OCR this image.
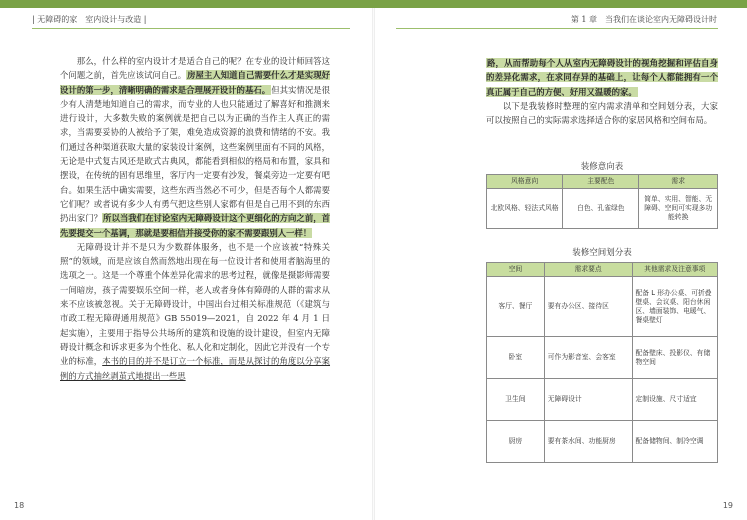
| 无障碍的家　室内设计与改造 |	第 1 章　当我们在谈论室内无障碍设计时

那么，什么样的室内设计才是适合自己的呢？在专业的设计师回答这个问题之前，首先应该试问自己。房屋主人知道自己需要什么才是实现好设计的第一步，清晰明确的需求是合理展开设计的基石。但其实情况是很少有人清楚地知道自己的需求，而专业的人也只能通过了解喜好和推测来进行设计，大多数失败的案例就是把自己以为正确的当作主人真正的需求，当需要妥协的人被给予了架，难免造成资源的浪费和情绪的不安。我们通过各种渠道获取大量的家装设计案例，这些案例里面有不同的风格，无论是中式复古风还是欧式古典风，都能看到相似的格局和布置，家具和摆设，在传统的固有思维里，客厅内一定要有沙发，餐桌旁边一定要有吧台。如果生活中确实需要，这些东西当然必不可少，但是否每个人都需要它们呢？或者说有多少人有勇气把这些别人家都有但是自己用不到的东西扔出家门？所以当我们在讨论室内无障碍设计这个更细化的方向之前，首先要提交一个基调，那就是要相信并接受你的家不需要跟别人一样！

无障碍设计并不是只为少数群体服务，也不是一个应该被“特殊关照”的领域，而是应该自然而然地出现在每一位设计者和使用者脑海里的选项之一。这是一个尊重个体差异化需求的思考过程，就像是摄影师需要一间暗房，孩子需要娱乐空间一样，老人或者身体有障碍的人群的需求从来不应该被忽视。关于无障碍设计，中国出台过相关标准规范（《建筑与市政工程无障碍通用规范》GB 55019—2021，自 2022 年 4 月 1 日起实施），主要用于指导公共场所的建筑和设施的设计建设，但室内无障碍设计概念和诉求更多为个性化、私人化和定制化，因此它并没有一个专业的标准，本书的目的并不是订立一个标准，而是从探讨的角度以分享案例的方式抽丝剥茧式地提出一些思

18

路，从而帮助每个人从室内无障碍设计的视角挖掘和评估自身的差异化需求，在求同存异的基础上，让每个人都能拥有一个真正属于自己的方便、好用又温暖的家。

以下是我装修时整理的室内需求清单和空间划分表，大家可以按照自己的实际需求选择适合你的家居风格和空间布局。

装修意向表
风格意向	主要配色	需求
北欧风格、轻法式风格	白色、孔雀绿色	简单、实用、智能、无障碍、空间可实现多功能转换
装修空间划分表
空间	需求要点	其他需求及注意事项
客厅、餐厅	要有办公区、接待区	配备 L 形办公桌、可折叠壁桌、会议桌、阳台休闲区、墙面装饰、电暖气、餐桌壁灯
卧室	可作为影音室、会客室	配备壁床、投影仪、有储物空间
卫生间	无障碍设计	定制设施、尺寸适宜
厨房	要有茶水间、功能厨房	配备储物间、制冷空调
19
